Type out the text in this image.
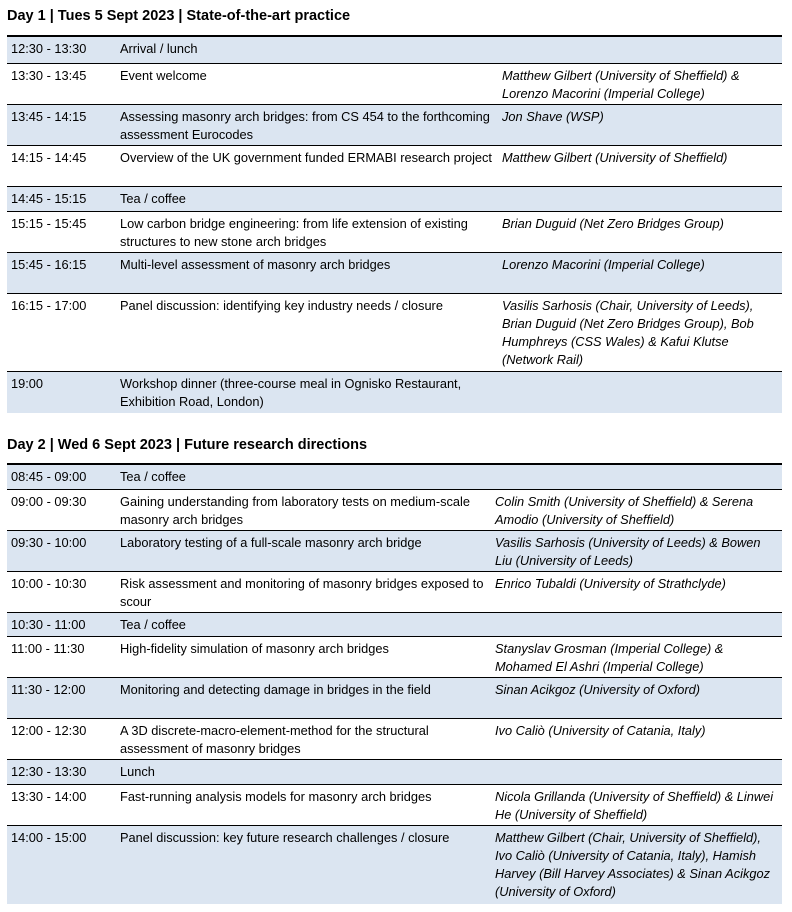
Day 1 | Tues 5 Sept 2023 | State-of-the-art practice
12:30 - 13:30	Arrival / lunch	
13:30 - 13:45	Event welcome	Matthew Gilbert (University of Sheffield) & Lorenzo Macorini (Imperial College)
13:45 - 14:15	Assessing masonry arch bridges: from CS 454 to the forthcoming assessment Eurocodes	Jon Shave (WSP)
14:15 - 14:45	Overview of the UK government funded ERMABI research project	Matthew Gilbert (University of Sheffield)
14:45 - 15:15	Tea / coffee	
15:15 - 15:45	Low carbon bridge engineering: from life extension of existing structures to new stone arch bridges	Brian Duguid (Net Zero Bridges Group)
15:45 - 16:15	Multi-level assessment of masonry arch bridges	Lorenzo Macorini (Imperial College)
16:15 - 17:00	Panel discussion: identifying key industry needs / closure	Vasilis Sarhosis (Chair, University of Leeds), Brian Duguid (Net Zero Bridges Group), Bob Humphreys (CSS Wales) & Kafui Klutse (Network Rail)
19:00	Workshop dinner (three-course meal in Ognisko Restaurant, Exhibition Road, London)	
Day 2 | Wed 6 Sept 2023 | Future research directions
08:45 - 09:00	Tea / coffee	
09:00 - 09:30	Gaining understanding from laboratory tests on medium-scale masonry arch bridges	Colin Smith (University of Sheffield) & Serena Amodio (University of Sheffield)
09:30 - 10:00	Laboratory testing of a full-scale masonry arch bridge	Vasilis Sarhosis (University of Leeds) & Bowen Liu (University of Leeds)
10:00 - 10:30	Risk assessment and monitoring of masonry bridges exposed to scour	Enrico Tubaldi (University of Strathclyde)
10:30 - 11:00	Tea / coffee	
11:00 - 11:30	High-fidelity simulation of masonry arch bridges	Stanyslav Grosman (Imperial College) & Mohamed El Ashri (Imperial College)
11:30 - 12:00	Monitoring and detecting damage in bridges in the field	Sinan Acikgoz (University of Oxford)
12:00 - 12:30	A 3D discrete-macro-element-method for the structural assessment of masonry bridges	Ivo Caliò (University of Catania, Italy)
12:30 - 13:30	Lunch	
13:30 - 14:00	Fast-running analysis models for masonry arch bridges	Nicola Grillanda (University of Sheffield) & Linwei He (University of Sheffield)
14:00 - 15:00	Panel discussion: key future research challenges / closure	Matthew Gilbert (Chair, University of Sheffield), Ivo Caliò (University of Catania, Italy), Hamish Harvey (Bill Harvey Associates) & Sinan Acikgoz (University of Oxford)
